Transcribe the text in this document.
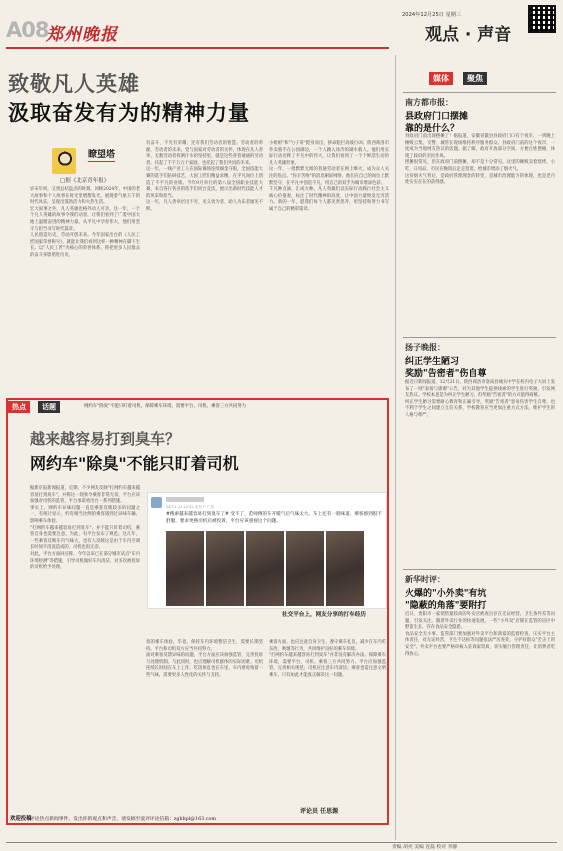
A08
郑州晚报
2024年12月25日 星期三
观点 · 声音
致敬凡人英雄
汲取奋发有为的精神力量
瞭望塔
□据《北京青年报》
岁末年初，又到总结盘点的时刻。回顾2024年，中国的老大故事和个人故事在时光里熠熠发光，展现着气象万千的时代风采，呈现出蓬勃活力和火热生活。
宏大叙事之外，凡人英雄也格外动人可亲。这一年，一个个凡人英雄的故事令我们动容，让我们看到了广袤中国大地上温暖奋进的精神力量。从平凡中孕育伟大，他们用坚守与担当书写时代篇章。
人民创造历史，劳动开创未来。今年国家出台的《人民工匠国家荣誉称号》，就能让我们看到这样一种精神在脚下生长。以"人民工匠"为核心的荣誉体系，将把更多人民群众的奋斗身影照进历史。
有奋斗，不光有荣耀，还有我们劳动者的智慧。劳动者的奉献，劳动者的未来。党与国家对劳动者的关怀，体现在凡人善举、无数劳动者挥洒汗水的坚持里，就是这些普普通通的劳动者，托起了千千万万个家庭，也托起了我们共同的未来。
这一年，一线产业工人在国际赛场连续摘金夺银，全国技能大赛的选手们钻研技艺，大国工匠们精益求精，在平凡岗位上创造了不平凡的业绩。今年9月举行的第八届全国职业技能大赛，来自各行各业的选手们同台竞技，展示出新时代技能人才的风采和担当。
这一年，凡人善举层出不穷，见义勇为者、助人为乐者屡见不鲜。
小姐姐"和"勺子哥"挺身而出，拼命阻拦高坡行凶；陕西商洛市外卖骑手在公园湖边，一个人跳入冰冷的湖水救人。他们用实际行动诠释了平凡中的伟大，让我们看到了一个个鲜活生动的凡人英雄形象。
这一年，一批默默无闻的普通劳动者在网上爆火，成为众人关注的焦点。"你辛苦啦"的消息刷屏网络，他们在自己的岗位上默默坚守，在平凡中创造不凡，用自己的双手为城市增添色彩。
千凡种点滴，汇成火种。凡人英雄们以实际行动践行社会主义核心价值观，标注了时代精神的高度，让中国力量焕发无穷活力。新的一年，愿我们每个人都见贤思齐，用坚持和努力书写属于自己的精彩篇章。
热点	话题	网约车"除臭"不能只盯着司机，保障乘车环境，需要平台、司机、乘客三方共同努力
越来越容易打到臭车？
网约车"除臭"不能只盯着司机
据新京报新闻报道，近期，不少网友反映"打网约车越来越容易打到臭车"，并称这一现象令乘客非常无奈，平台应该加强对司机的监管，平台承诺将出台一系列措施。
事实上，网约车异味问题一直是乘客反映较多的问题之一，有统计显示，约有相当比例的乘客遇到过异味车辆，影响乘车体验。
"打网约车越来越容易打到臭车"，并不能只盯着司机，乘客自身也需要注意。为此，有平台发布了规范。这几年，一些乘客反映车内气味大，也有人反映这是由于车内空调长时间不清洗造成的，司机也很无奈。
对此，平台方面回应称，今年以来已在部分城市试点"车内环境检测"等措施，引导司机做好车内清洁，对多次被投诉的司机给予处理。
24-12-23 20:52 发布于 广东
#搜索越来越容易打到臭车了# 受不了，范师傅的车开暖气后气味太大，车上还有一股味道，乘客感到很不舒服，要求更换司机后被投诉，平台应该重视这个问题。
社交平台上，网友分享的打车经历
客的乘车体验，毕竟，保持车内环境整洁卫生，需要长期坚持。平台和司机双方应当共同努力。
面对乘客反馈异味的问题，平台方面应该加强监管，完善投诉与处理机制。与此同时，也应理解司机群体的实际困难。司机连续长时间在车上工作，吃饭休息也在车里，车内难免残留一些气味，需要更多人性化的关怀与支持。
乘客方面，也应注意自身卫生，遵守乘车礼仪，减少在车内吃东西、吸烟等行为，共同维护良好的乘车环境。
"打网约车越来越容易打到臭车"并非没有解决办法。保障乘车环境，需要平台、司机、乘客三方共同努力。平台应加强监管，完善相关规范；司机应注意车内清洁；乘客也需注意文明乘车，只有如此才能真正解决这一问题。
评论员 任思源
欢迎投稿
评论热点新闻事件，发出你的观点和声音，请发稿至爱评评论信箱：zghhpl@163.com
媒体	聚焦
南方都市报：
县政府门口摆摊
靠的是什么？
县政府门前出现摆摊了！据报道，安徽省歙县县政府门口有个夜市，一到晚上摊贩云集，交警、城管在现场维持秩序服务群众。县政府门前的这个夜市，一度成为当地网友热议的话题。据了解，政府开放部分空间，方便百姓摆摊，体现了政府的亲民作风。
摆摊很常见，但在政府门前摆摊，却不是十分常见。这里的摊贩卖着烧烤、小吃、日用品，市民在晚饭后走走逛逛，给城市增添了烟火气。
这份烟火气背后，是政府管理理念的转变，是城市治理能力的体现，也是老百姓实实在在的获得感。
扬子晚报：
纠正学生陋习
奖励"告密者"伤自尊
据近日新闻报道，12月21日，陕西商洛市洛南县城关中学在校内电子大屏上发布了一则"表扬与感谢"公告，对为其他学生提供线索的学生进行奖励，引发网友热议。学校本意是为纠正学生陋习，但奖励"告密者"的方式值得商榷。
纠正学生陋习需要耐心教育和正确引导，奖励"告密者"容易伤害学生自尊，也不利于学生之间建立互信关系，学校教育应当更加注重方式方法，维护学生的人格与尊严。
新华时评：
火爆的"小外卖"有坑
"隐蔽的角落"要附打
近日，贵阳市一家销售量较高的外卖店被查出存在无证经营、卫生条件差等问题，引发关注。随着外卖行业的快速发展，一些"小外卖"店铺在监管的盲区中野蛮生长，存在食品安全隐患。
食品安全无小事。监管部门要加强对外卖平台和商家的监督检查，压实平台主体责任，对无证经营、卫生不达标等问题依法严厉查处，守护好群众"舌尖上的安全"。外卖平台也要严格审核入驻商家资质，切实履行管理责任，让消费者吃得放心。
责编 胡亮 美编 连磊 校对 李静
